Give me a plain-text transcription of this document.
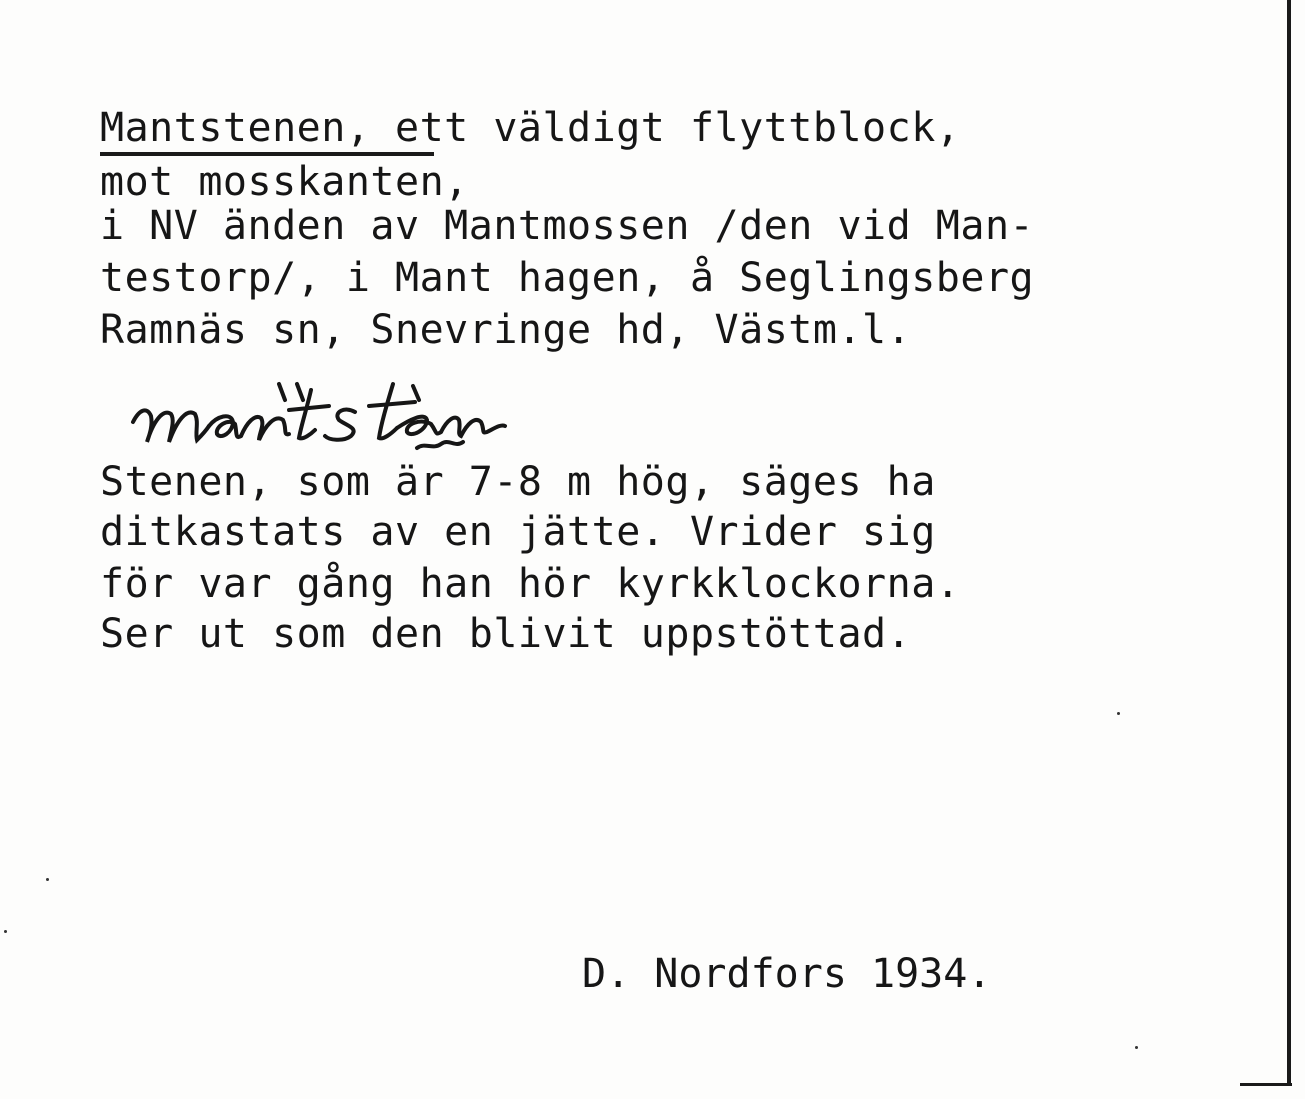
Mantstenen, ett väldigt flyttblock,

mot mosskanten,

i NV änden av Mantmossen /den vid Man-

testorp/, i Mant hagen, å Seglingsberg

Ramnäs sn, Snevringe hd, Västm.l.

Stenen, som är 7-8 m hög, säges ha

ditkastats av en jätte. Vrider sig

för var gång han hör kyrkklockorna.

Ser ut som den blivit uppstöttad.

D. Nordfors 1934.
